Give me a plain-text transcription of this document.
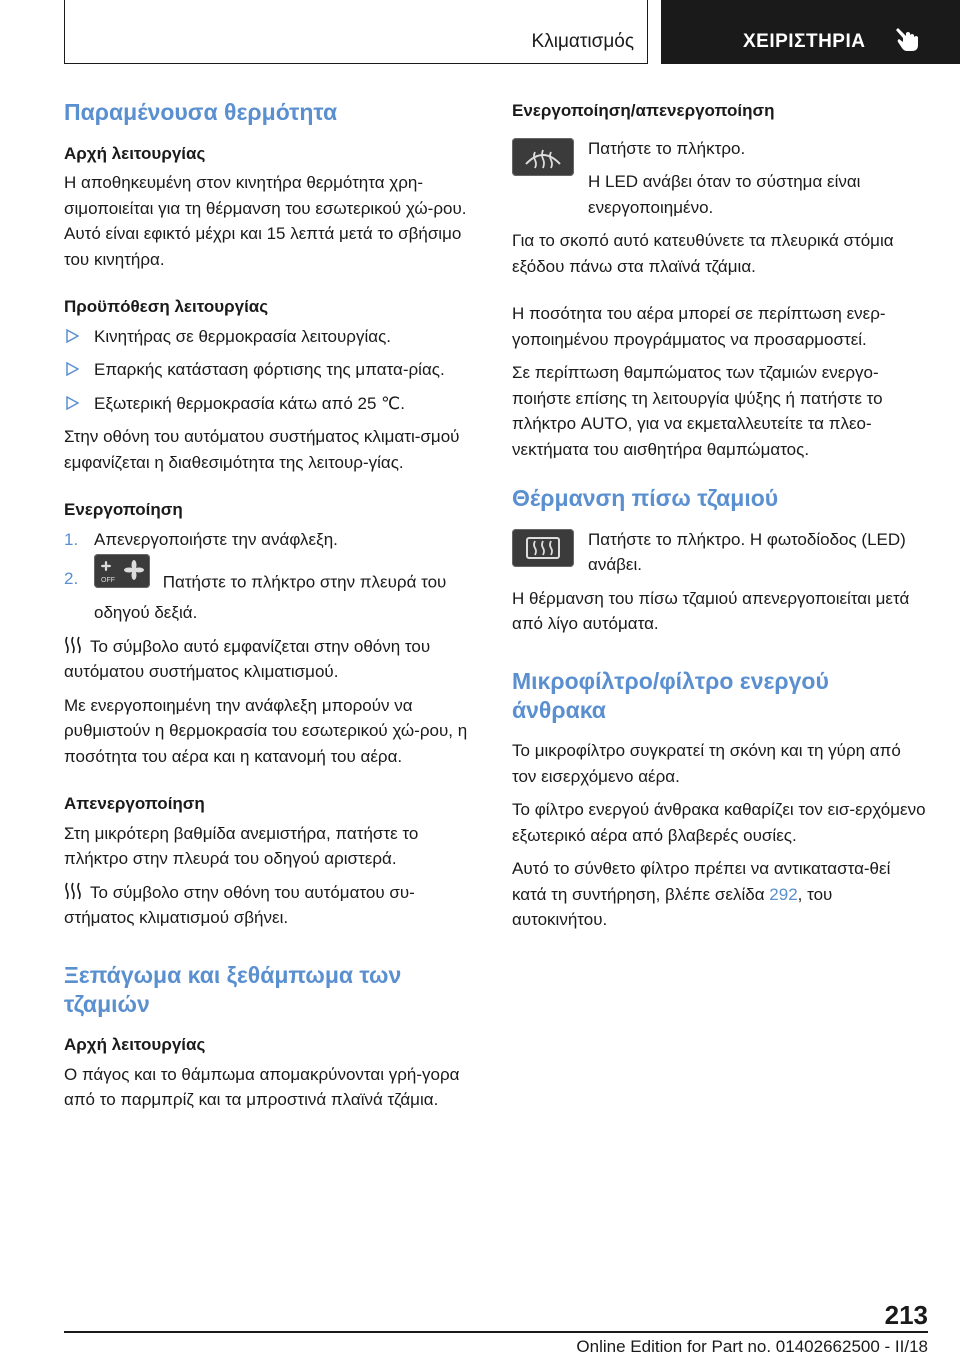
Κλιματισμός	ΧΕΙΡΙΣΤΗΡΙΑ
Παραμένουσα θερμότητα
Αρχή λειτουργίας

Η αποθηκευμένη στον κινητήρα θερμότητα χρη-σιμοποιείται για τη θέρμανση του εσωτερικού χώ-ρου. Αυτό είναι εφικτό μέχρι και 15 λεπτά μετά το σβήσιμο του κινητήρα.

Προϋπόθεση λειτουργίας
Κινητήρας σε θερμοκρασία λειτουργίας.
Επαρκής κατάσταση φόρτισης της μπατα-ρίας.
Εξωτερική θερμοκρασία κάτω από 25 ℃.

Στην οθόνη του αυτόματου συστήματος κλιματι-σμού εμφανίζεται η διαθεσιμότητα της λειτουρ-γίας.

Ενεργοποίηση
1. Απενεργοποιήστε την ανάφλεξη.
2.	OFF	Πατήστε το πλήκτρο στην πλευρά του οδηγού δεξιά.

Το σύμβολο αυτό εμφανίζεται στην οθόνη του αυτόματου συστήματος κλιματισμού.

Με ενεργοποιημένη την ανάφλεξη μπορούν να ρυθμιστούν η θερμοκρασία του εσωτερικού χώ-ρου, η ποσότητα του αέρα και η κατανομή του αέρα.

Απενεργοποίηση

Στη μικρότερη βαθμίδα ανεμιστήρα, πατήστε το πλήκτρο στην πλευρά του οδηγού αριστερά.

Το σύμβολο στην οθόνη του αυτόματου συ-στήματος κλιματισμού σβήνει.

Ξεπάγωμα και ξεθάμπωμα των τζαμιών
Αρχή λειτουργίας

Ο πάγος και το θάμπωμα απομακρύνονται γρή-γορα από το παρμπρίζ και τα μπροστινά πλαϊνά τζάμια.

Ενεργοποίηση/απενεργοποίηση

Πατήστε το πλήκτρο.

Η LED ανάβει όταν το σύστημα είναι ενεργοποιημένο.

Για το σκοπό αυτό κατευθύνετε τα πλευρικά στόμια εξόδου πάνω στα πλαϊνά τζάμια.

Η ποσότητα του αέρα μπορεί σε περίπτωση ενερ-γοποιημένου προγράμματος να προσαρμοστεί.

Σε περίπτωση θαμπώματος των τζαμιών ενεργο-ποιήστε επίσης τη λειτουργία ψύξης ή πατήστε το πλήκτρο AUTO, για να εκμεταλλευτείτε τα πλεο-νεκτήματα του αισθητήρα θαμπώματος.

Θέρμανση πίσω τζαμιού

Πατήστε το πλήκτρο. Η φωτοδίοδος (LED) ανάβει.

Η θέρμανση του πίσω τζαμιού απενεργοποιείται μετά από λίγο αυτόματα.

Μικροφίλτρο/φίλτρο ενεργού άνθρακα

Το μικροφίλτρο συγκρατεί τη σκόνη και τη γύρη από τον εισερχόμενο αέρα.

Το φίλτρο ενεργού άνθρακα καθαρίζει τον εισ-ερχόμενο εξωτερικό αέρα από βλαβερές ουσίες.

Αυτό το σύνθετο φίλτρο πρέπει να αντικαταστα-θεί κατά τη συντήρηση, βλέπε σελίδα 292, του αυτοκινήτου.

213
Online Edition for Part no. 01402662500 - II/18
